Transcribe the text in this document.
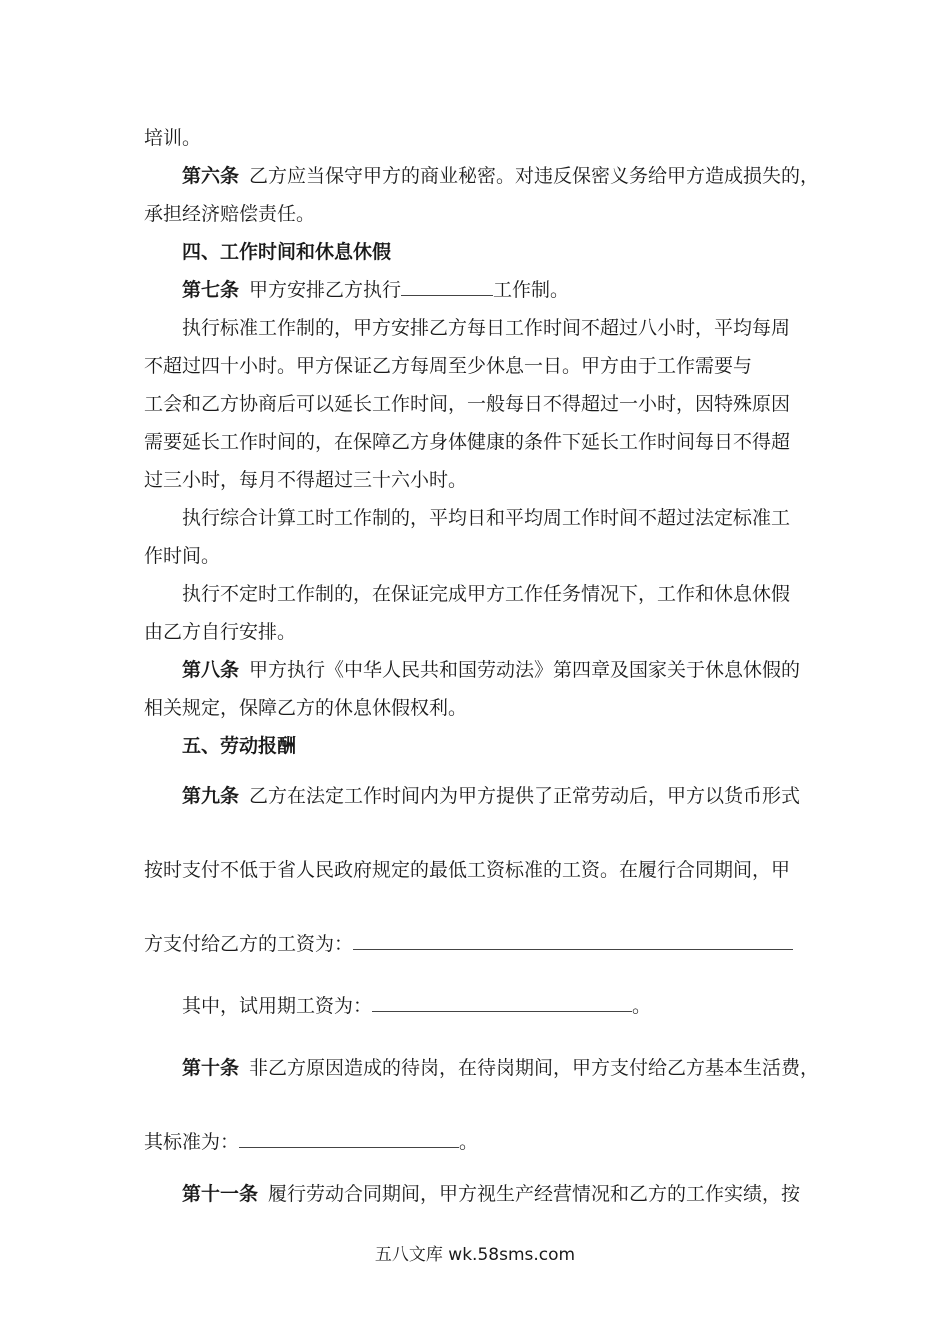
培训。
第六条 乙方应当保守甲方的商业秘密。对违反保密义务给甲方造成损失的，
承担经济赔偿责任。
四、工作时间和休息休假
第七条 甲方安排乙方执行	工作制。
执行标准工作制的，甲方安排乙方每日工作时间不超过八小时，平均每周
不超过四十小时。甲方保证乙方每周至少休息一日。甲方由于工作需要与
工会和乙方协商后可以延长工作时间，一般每日不得超过一小时，因特殊原因
需要延长工作时间的，在保障乙方身体健康的条件下延长工作时间每日不得超
过三小时，每月不得超过三十六小时。
执行综合计算工时工作制的，平均日和平均周工作时间不超过法定标准工
作时间。
执行不定时工作制的，在保证完成甲方工作任务情况下，工作和休息休假
由乙方自行安排。
第八条 甲方执行《中华人民共和国劳动法》第四章及国家关于休息休假的
相关规定，保障乙方的休息休假权利。
五、劳动报酬
第九条 乙方在法定工作时间内为甲方提供了正常劳动后，甲方以货币形式
按时支付不低于省人民政府规定的最低工资标准的工资。在履行合同期间，甲
方支付给乙方的工资为：
其中，试用期工资为：	。
第十条 非乙方原因造成的待岗，在待岗期间，甲方支付给乙方基本生活费，
其标准为：	。
第十一条 履行劳动合同期间，甲方视生产经营情况和乙方的工作实绩，按
五八文库 wk.58sms.com
